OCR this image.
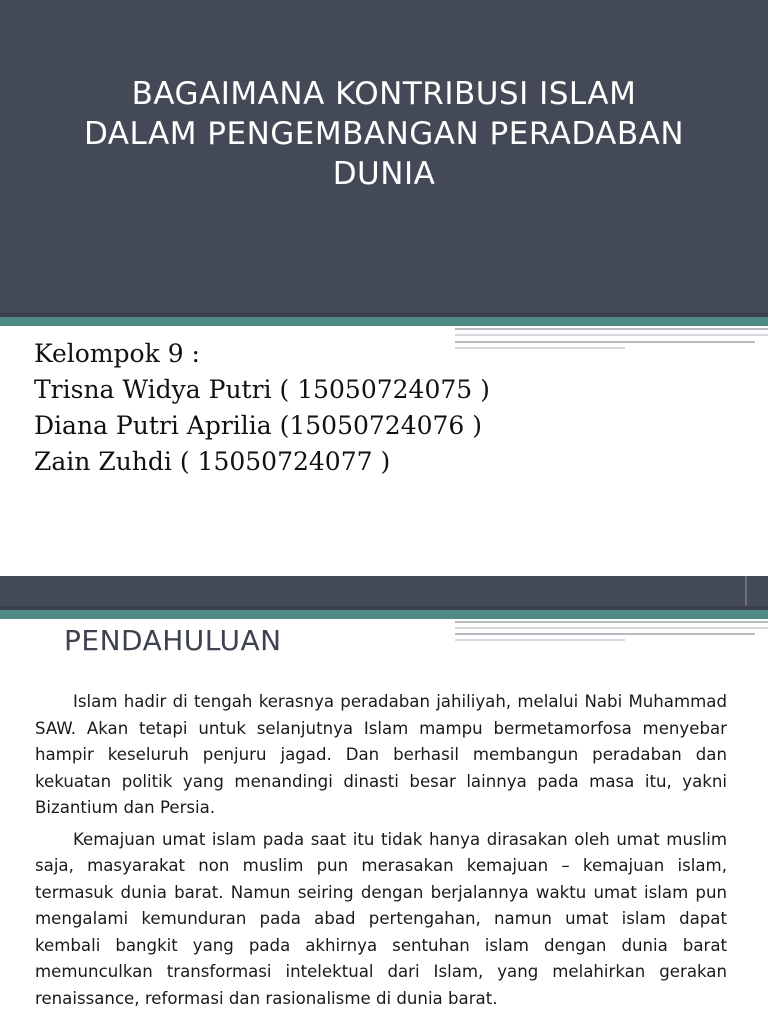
BAGAIMANA KONTRIBUSI ISLAM
DALAM PENGEMBANGAN PERADABAN
DUNIA
Kelompok 9 :
Trisna Widya Putri ( 15050724075 )
Diana Putri Aprilia (15050724076 )
Zain Zuhdi ( 15050724077 )
PENDAHULUAN

Islam hadir di tengah kerasnya peradaban jahiliyah, melalui Nabi Muhammad SAW. Akan tetapi untuk selanjutnya Islam mampu bermetamorfosa menyebar hampir keseluruh penjuru jagad. Dan berhasil membangun peradaban dan kekuatan politik yang menandingi dinasti besar lainnya pada masa itu, yakni Bizantium dan Persia.

Kemajuan umat islam pada saat itu tidak hanya dirasakan oleh umat muslim saja, masyarakat non muslim pun merasakan kemajuan – kemajuan islam, termasuk dunia barat. Namun seiring dengan berjalannya waktu umat islam pun mengalami kemunduran pada abad pertengahan, namun umat islam dapat kembali bangkit yang pada akhirnya sentuhan islam dengan dunia barat memunculkan transformasi intelektual dari Islam, yang melahirkan gerakan renaissance, reformasi dan rasionalisme di dunia barat.
